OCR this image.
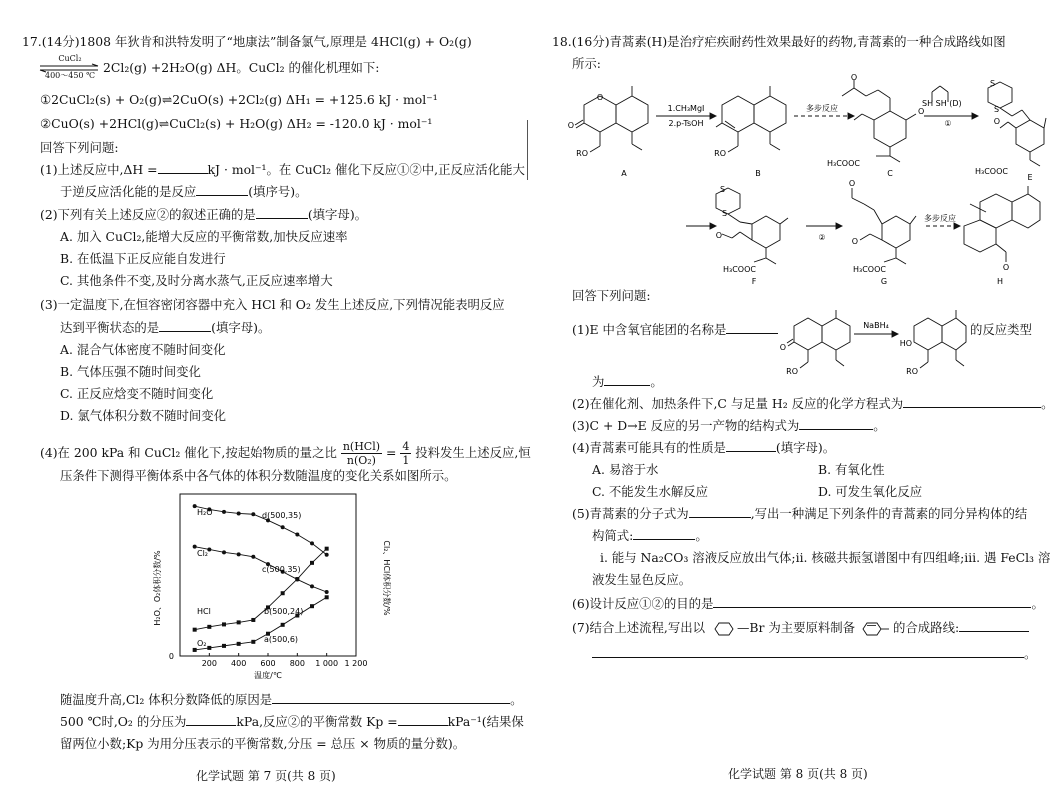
17.(14分)1808 年狄肯和洪特发明了“地康法”制备氯气,原理是 4HCl(g) + O₂(g)
CuCl₂
400～450 ℃
2Cl₂(g) +2H₂O(g) ΔH。CuCl₂ 的催化机理如下:
①2CuCl₂(s) + O₂(g)⇌2CuO(s) +2Cl₂(g) ΔH₁ = +125.6 kJ · mol⁻¹
②CuO(s) +2HCl(g)⇌CuCl₂(s) + H₂O(g) ΔH₂ = -120.0 kJ · mol⁻¹
回答下列问题:
(1)上述反应中,ΔH =	kJ · mol⁻¹。在 CuCl₂ 催化下反应①②中,正反应活化能大
于逆反应活化能的是反应	(填序号)。
(2)下列有关上述反应②的叙述正确的是	(填字母)。
A. 加入 CuCl₂,能增大反应的平衡常数,加快反应速率
B. 在低温下正反应能自发进行
C. 其他条件不变,及时分离水蒸气,正反应速率增大
(3)一定温度下,在恒容密闭容器中充入 HCl 和 O₂ 发生上述反应,下列情况能表明反应
达到平衡状态的是	(填字母)。
A. 混合气体密度不随时间变化
B. 气体压强不随时间变化
C. 正反应焓变不随时间变化
D. 氯气体积分数不随时间变化
(4)在 200 kPa 和 CuCl₂ 催化下,按起始物质的量之比 n(HCl)
n(O₂)
= $\frac{4}{1}$ 投料发生上述反应,恒
压条件下测得平衡体系中各气体的体积分数随温度的变化关系如图所示。
H₂O、O₂体积分数/%	Cl₂、HCl体积分数/%
0
温度/℃
200 400 600 800 1 000 1 200
H₂O
Cl₂
HCl
O₂
d(500,35)
c(500,35)
b(500,24)
a(500,6)
随温度升高,Cl₂ 体积分数降低的原因是	。
500 ℃时,O₂ 的分压为	kPa,反应②的平衡常数 Kp =	kPa⁻¹(结果保
留两位小数;Kp 为用分压表示的平衡常数,分压 = 总压 × 物质的量分数)。
化学试题 第 7 页(共 8 页)
18.(16分)青蒿素(H)是治疗疟疾耐药性效果最好的药物,青蒿素的一种合成路线如图
所示:
O
O
RO	RO
1.CH₃MgI
2.p-TsOH
多步反应
O
O
H₃COOC
SH SH (D)
①
S
S
O
H₃COOC
S
S
O
H₃COOC
②
O
O
H₃COOC
多步反应
O
A	B	C	E
F	G	H
回答下列问题:
(1)E 中含氧官能团的名称是
O
RO
NaBH₄
HO
RO
的反应类型
为	。
(2)在催化剂、加热条件下,C 与足量 H₂ 反应的化学方程式为	。
(3)C + D→E 反应的另一产物的结构式为	。
(4)青蒿素可能具有的性质是	(填字母)。
A. 易溶于水	B. 有氧化性
C. 不能发生水解反应	D. 可发生氧化反应
(5)青蒿素的分子式为	,写出一种满足下列条件的青蒿素的同分异构体的结
构简式:	。
ⅰ. 能与 Na₂CO₃ 溶液反应放出气体;ⅱ. 核磁共振氢谱图中有四组峰;ⅲ. 遇 FeCl₃ 溶
液发生显色反应。
(6)设计反应①②的目的是	。
(7)结合上述流程,写出以	—Br 为主要原料制备	的合成路线:
。
化学试题 第 8 页(共 8 页)
